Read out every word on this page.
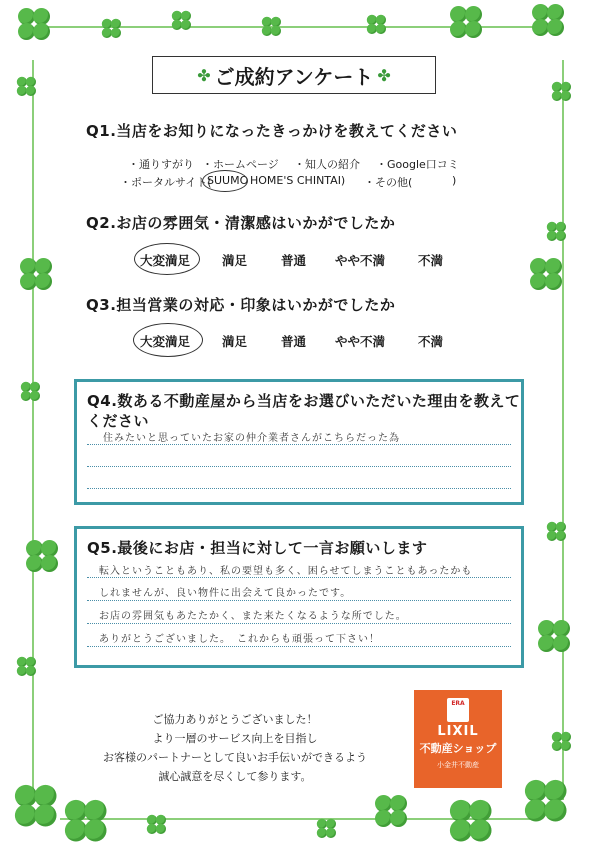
✤ ご成約アンケート ✤
Q1.当店をお知りになったきっかけを教えてください
・通りすがり ・ホームページ ・知人の紹介 ・Google口コミ
・ポータルサイト(
SUUMO HOME'S CHINTAI) ・その他(	)
Q2.お店の雰囲気・清潔感はいかがでしたか
大変満足	満足	普通 やや不満	不満
Q3.担当営業の対応・印象はいかがでしたか
大変満足	満足	普通 やや不満	不満
Q4.数ある不動産屋から当店をお選びいただいた理由を教えて
ください
住みたいと思っていたお家の仲介業者さんがこちらだった為
Q5.最後にお店・担当に対して一言お願いします
転入ということもあり、私の要望も多く、困らせてしまうこともあったかも
しれませんが、良い物件に出会えて良かったです。
お店の雰囲気もあたたかく、また来たくなるような所でした。
ありがとうございました。　これからも頑張って下さい！
ご協力ありがとうございました！
より一層のサービス向上を目指し
お客様のパートナーとして良いお手伝いができるよう
誠心誠意を尽くして参ります。
ERA
LIXIL
不動産ショップ
小金井不動産
